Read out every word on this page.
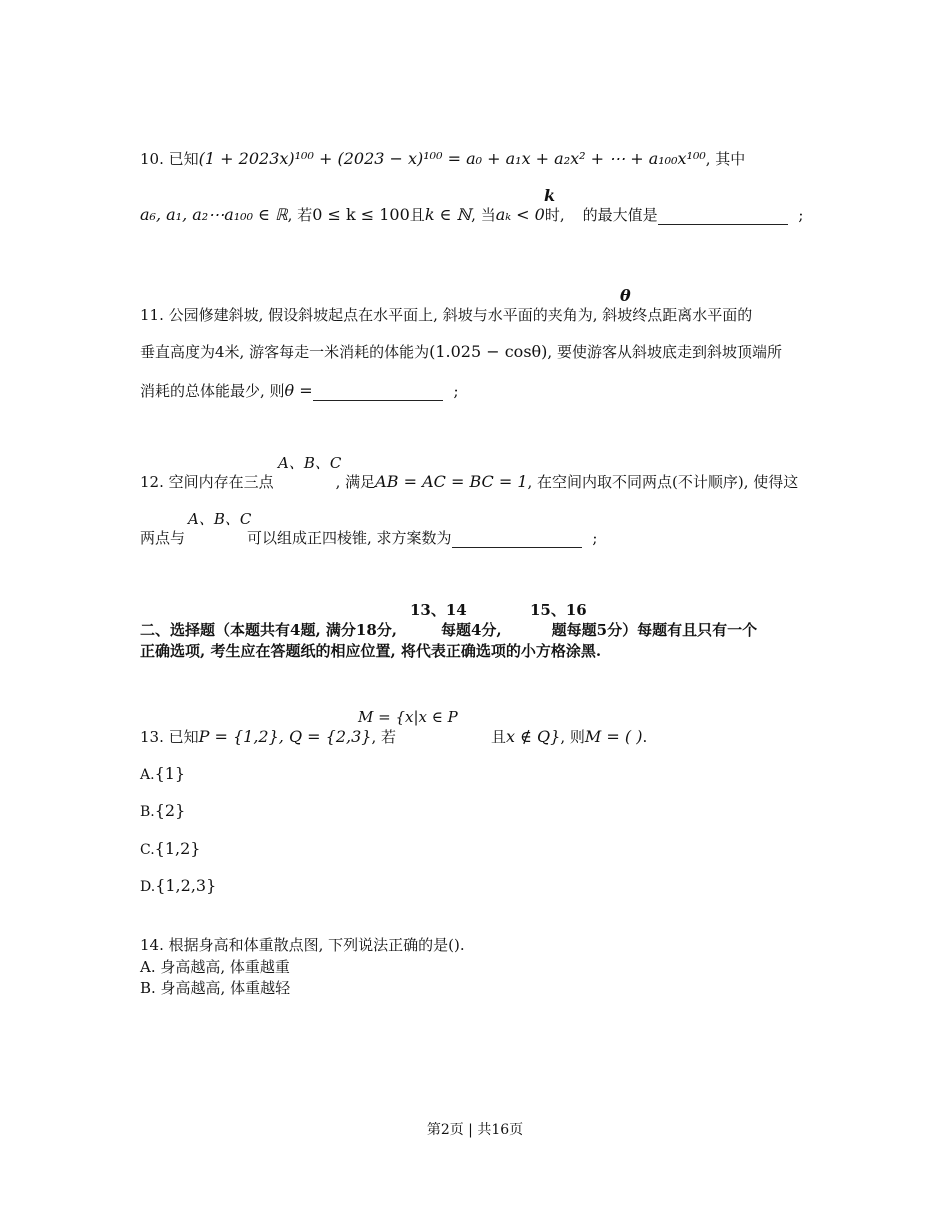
10. 已知(1 + 2023x)¹⁰⁰ + (2023 − x)¹⁰⁰ = a₀ + a₁x + a₂x² + ⋯ + a₁₀₀x¹⁰⁰, 其中
k
a₆, a₁, a₂⋯a₁₀₀ ∈ ℝ, 若0 ≤ k ≤ 100且k ∈ ℕ, 当aₖ < 0时, 的最大值是	;
θ
11. 公园修建斜坡, 假设斜坡起点在水平面上, 斜坡与水平面的夹角为, 斜坡终点距离水平面的
垂直高度为4米, 游客每走一米消耗的体能为(1.025 − cosθ), 要使游客从斜坡底走到斜坡顶端所
消耗的总体能最少, 则θ =	;
A、B、C
12. 空间内存在三点	, 满足AB = AC = BC = 1, 在空间内取不同两点(不计顺序), 使得这
A、B、C
两点与	可以组成正四棱锥, 求方案数为	;
13、14	15、16
二、选择题（本题共有4题, 满分18分,	每题4分,	题每题5分）每题有且只有一个
正确选项, 考生应在答题纸的相应位置, 将代表正确选项的小方格涂黑.
M = {x|x ∈ P
13. 已知P = {1,2}, Q = {2,3}, 若	且x ∉ Q}, 则M = ( ).
A.{1}
B.{2}
C.{1,2}
D.{1,2,3}
14. 根据身高和体重散点图, 下列说法正确的是().
A. 身高越高, 体重越重
B. 身高越高, 体重越轻
第2页 | 共16页
